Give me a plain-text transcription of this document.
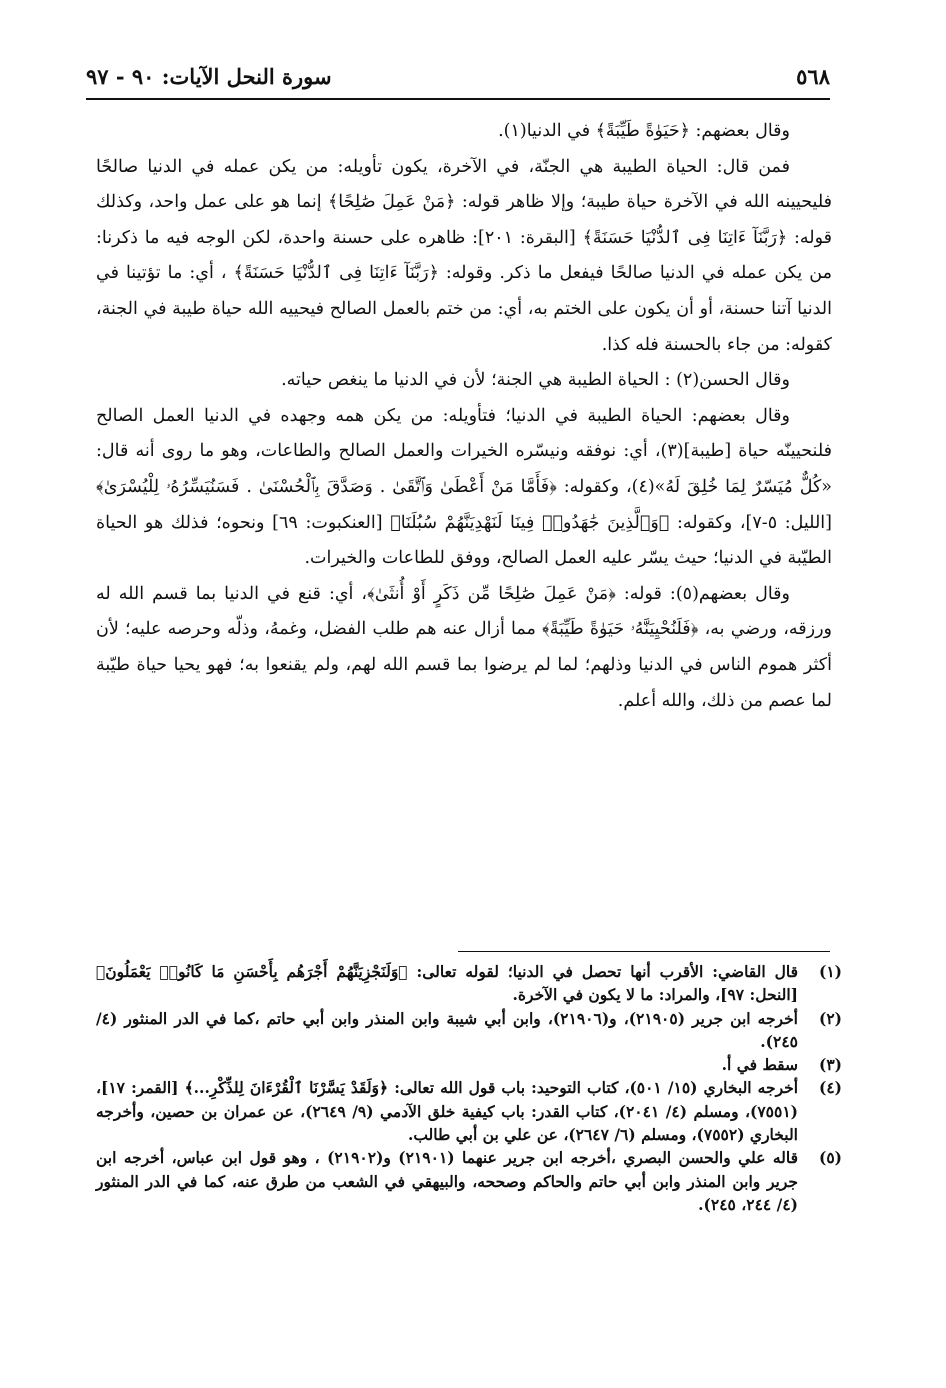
٥٦٨
سورة النحل الآيات: ٩٠ - ٩٧

وقال بعضهم: ﴿حَيَوٰةً طَيِّبَةً﴾ في الدنيا(١).

فمن قال: الحياة الطيبة هي الجنّة، في الآخرة، يكون تأويله: من يكن عمله في الدنيا صالحًا فليحيينه الله في الآخرة حياة طيبة؛ وإلا ظاهر قوله: ﴿مَنْ عَمِلَ صَٰلِحًا﴾ إنما هو على عمل واحد، وكذلك قوله: ﴿رَبَّنَآ ءَاتِنَا فِى ٱلدُّنْيَا حَسَنَةً﴾ [البقرة: ٢٠١]: ظاهره على حسنة واحدة، لكن الوجه فيه ما ذكرنا: من يكن عمله في الدنيا صالحًا فيفعل ما ذكر. وقوله: ﴿رَبَّنَآ ءَاتِنَا فِى ٱلدُّنْيَا حَسَنَةً﴾ ، أي: ما تؤتينا في الدنيا آتنا حسنة، أو أن يكون على الختم به، أي: من ختم بالعمل الصالح فيحييه الله حياة طيبة في الجنة، كقوله: من جاء بالحسنة فله كذا.

وقال الحسن(٢) : الحياة الطيبة هي الجنة؛ لأن في الدنيا ما ينغص حياته.

وقال بعضهم: الحياة الطيبة في الدنيا؛ فتأويله: من يكن همه وجهده في الدنيا العمل الصالح فلنحيينّه حياة [طيبة](٣)، أي: نوفقه ونيسّره الخيرات والعمل الصالح والطاعات، وهو ما روى أنه قال: «كُلٌّ مُيَسّرٌ لِمَا خُلِقَ لَهُ»(٤)، وكقوله: ﴿فَأَمَّا مَنْ أَعْطَىٰ وَٱتَّقَىٰ . وَصَدَّقَ بِٱلْحُسْنَىٰ . فَسَنُيَسِّرُهُۥ لِلْيُسْرَىٰ﴾ [الليل: ٥-٧]، وكقوله: ﴿وَٱلَّذِينَ جَٰهَدُوا۟ فِينَا لَنَهْدِيَنَّهُمْ سُبُلَنَا﴾ [العنكبوت: ٦٩] ونحوه؛ فذلك هو الحياة الطيّبة في الدنيا؛ حيث يسّر عليه العمل الصالح، ووفق للطاعات والخيرات.

وقال بعضهم(٥): قوله: ﴿مَنْ عَمِلَ صَٰلِحًا مِّن ذَكَرٍ أَوْ أُنثَىٰ﴾، أي: قنع في الدنيا بما قسم الله له ورزقه، ورضي به، ﴿فَلَنُحْيِيَنَّهُۥ حَيَوٰةً طَيِّبَةً﴾ مما أزال عنه هم طلب الفضل، وغمهُ، وذلّه وحرصه عليه؛ لأن أكثر هموم الناس في الدنيا وذلهم؛ لما لم يرضوا بما قسم الله لهم، ولم يقنعوا به؛ فهو يحيا حياة طيّبة لما عصم من ذلك، والله أعلم.

(١)
قال القاضي: الأقرب أنها تحصل في الدنيا؛ لقوله تعالى: ﴿وَلَنَجْزِيَنَّهُمْ أَجْرَهُم بِأَحْسَنِ مَا كَانُوا۟ يَعْمَلُونَ﴾ [النحل: ٩٧]، والمراد: ما لا يكون في الآخرة.

(٢)
أخرجه ابن جرير (٢١٩٠٥)، و(٢١٩٠٦)، وابن أبي شيبة وابن المنذر وابن أبي حاتم ،كما في الدر المنثور (٤/ ٢٤٥).

(٣)
سقط في أ.

(٤)
أخرجه البخاري (١٥/ ٥٠١)، كتاب التوحيد: باب قول الله تعالى: ﴿وَلَقَدْ يَسَّرْنَا ٱلْقُرْءَانَ لِلذِّكْرِ...﴾ [القمر: ١٧]، (٧٥٥١)، ومسلم (٤/ ٢٠٤١)، كتاب القدر: باب كيفية خلق الآدمي (٩/ ٢٦٤٩)، عن عمران بن حصين، وأخرجه البخاري (٧٥٥٢)، ومسلم (٦/ ٢٦٤٧)، عن علي بن أبي طالب.

(٥)
قاله علي والحسن البصري ،أخرجه ابن جرير عنهما (٢١٩٠١) و(٢١٩٠٢) ، وهو قول ابن عباس، أخرجه ابن جرير وابن المنذر وابن أبي حاتم والحاكم وصححه، والبيهقي في الشعب من طرق عنه، كما في الدر المنثور (٤/ ٢٤٤، ٢٤٥).
